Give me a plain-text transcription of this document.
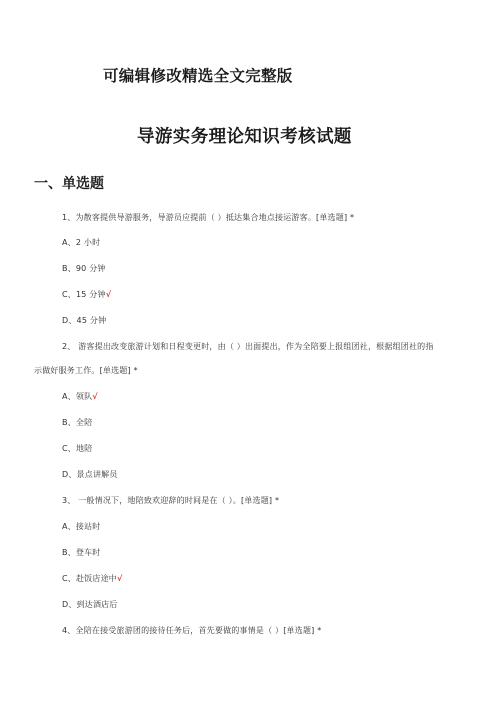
可编辑修改精选全文完整版
导游实务理论知识考核试题
一、单选题
1、为散客提供导游服务，导游员应提前（ ）抵达集合地点接运游客。[单选题] *
A、2 小时
B、90 分钟
C、15 分钟√
D、45 分钟
2、 游客提出改变旅游计划和日程变更时，由（ ）出面提出，作为全陪要上报组团社，根据组团社的指
示做好服务工作。[单选题] *
A、领队√
B、全陪
C、地陪
D、景点讲解员
3、 一般情况下，地陪致欢迎辞的时间是在（ ）。[单选题] *
A、接站时
B、登车时
C、赴饭店途中√
D、到达酒店后
4、全陪在接受旅游团的接待任务后，首先要做的事情是（ ）[单选题] *
